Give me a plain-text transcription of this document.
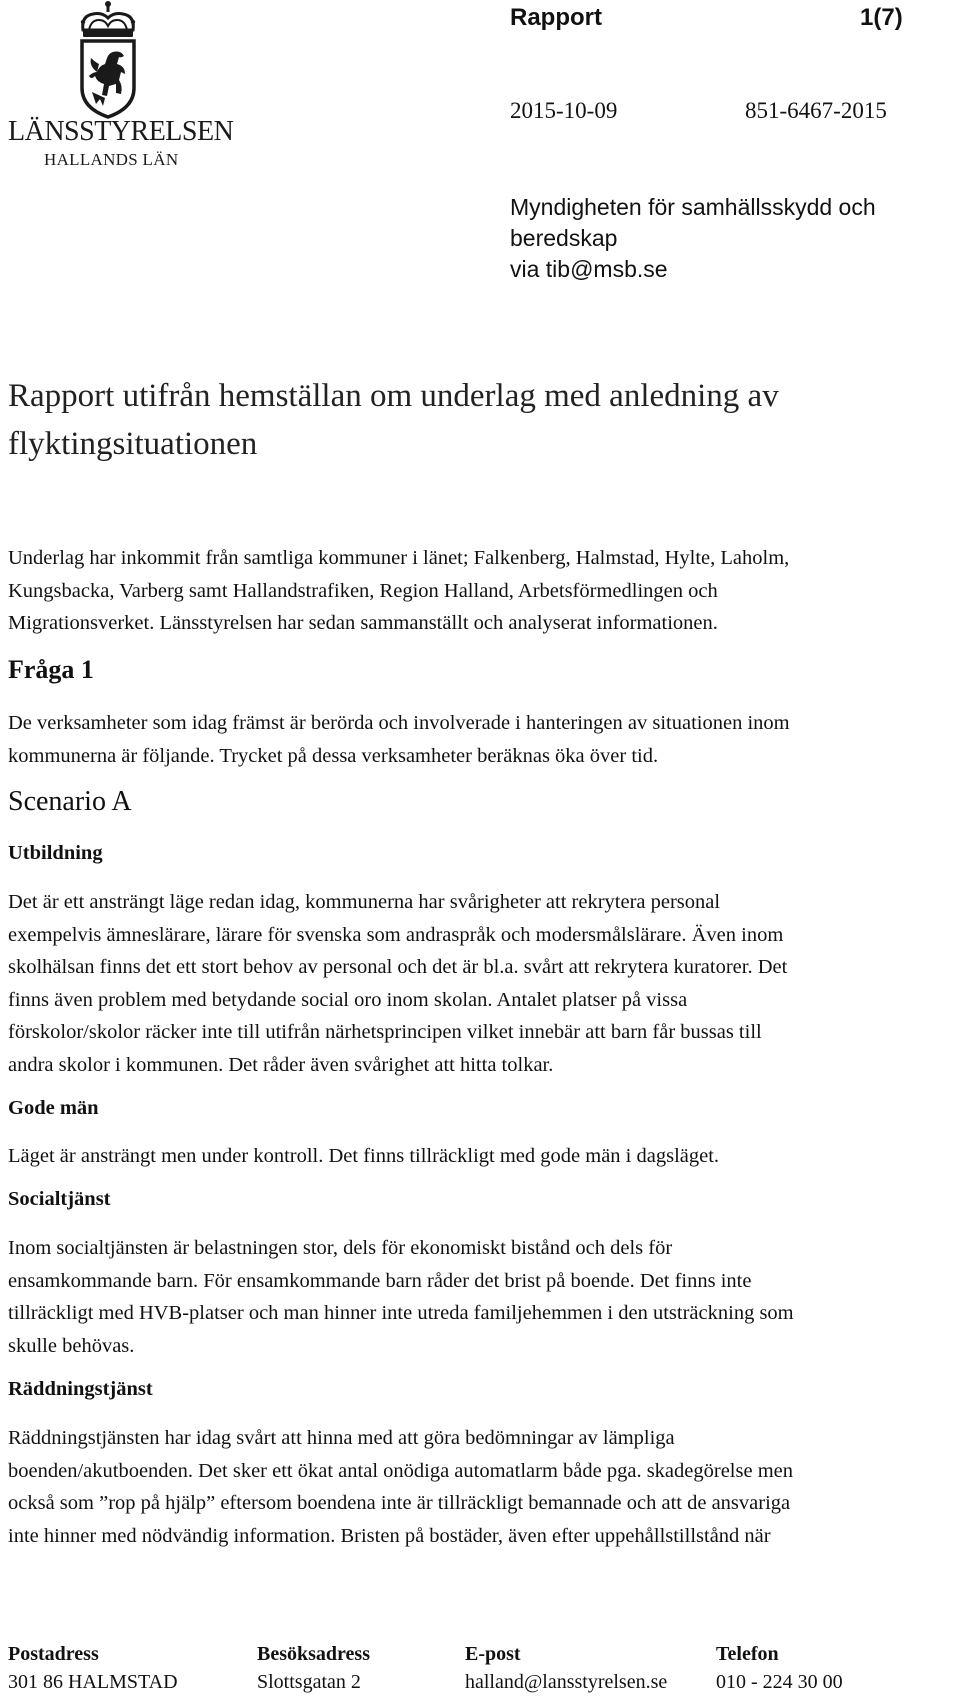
LÄNSSTYRELSEN
HALLANDS LÄN
Rapport	1(7)
2015-10-09	851-6467-2015
Myndigheten för samhällsskydd och
beredskap
via tib@msb.se
Rapport utifrån hemställan om underlag med anledning av
flyktingsituationen
Underlag har inkommit från samtliga kommuner i länet; Falkenberg, Halmstad, Hylte, Laholm,
Kungsbacka, Varberg samt Hallandstrafiken, Region Halland, Arbetsförmedlingen och
Migrationsverket. Länsstyrelsen har sedan sammanställt och analyserat informationen.
Fråga 1
De verksamheter som idag främst är berörda och involverade i hanteringen av situationen inom
kommunerna är följande. Trycket på dessa verksamheter beräknas öka över tid.
Scenario A
Utbildning
Det är ett ansträngt läge redan idag, kommunerna har svårigheter att rekrytera personal
exempelvis ämneslärare, lärare för svenska som andraspråk och modersmålslärare. Även inom
skolhälsan finns det ett stort behov av personal och det är bl.a. svårt att rekrytera kuratorer. Det
finns även problem med betydande social oro inom skolan. Antalet platser på vissa
förskolor/skolor räcker inte till utifrån närhetsprincipen vilket innebär att barn får bussas till
andra skolor i kommunen. Det råder även svårighet att hitta tolkar.
Gode män
Läget är ansträngt men under kontroll. Det finns tillräckligt med gode män i dagsläget.
Socialtjänst
Inom socialtjänsten är belastningen stor, dels för ekonomiskt bistånd och dels för
ensamkommande barn. För ensamkommande barn råder det brist på boende. Det finns inte
tillräckligt med HVB-platser och man hinner inte utreda familjehemmen i den utsträckning som
skulle behövas.
Räddningstjänst
Räddningstjänsten har idag svårt att hinna med att göra bedömningar av lämpliga
boenden/akutboenden. Det sker ett ökat antal onödiga automatlarm både pga. skadegörelse men
också som ”rop på hjälp” eftersom boendena inte är tillräckligt bemannade och att de ansvariga
inte hinner med nödvändig information. Bristen på bostäder, även efter uppehållstillstånd när
Postadress
301 86 HALMSTAD
Besöksadress
Slottsgatan 2
E-post
halland@lansstyrelsen.se
Telefon
010 - 224 30 00
